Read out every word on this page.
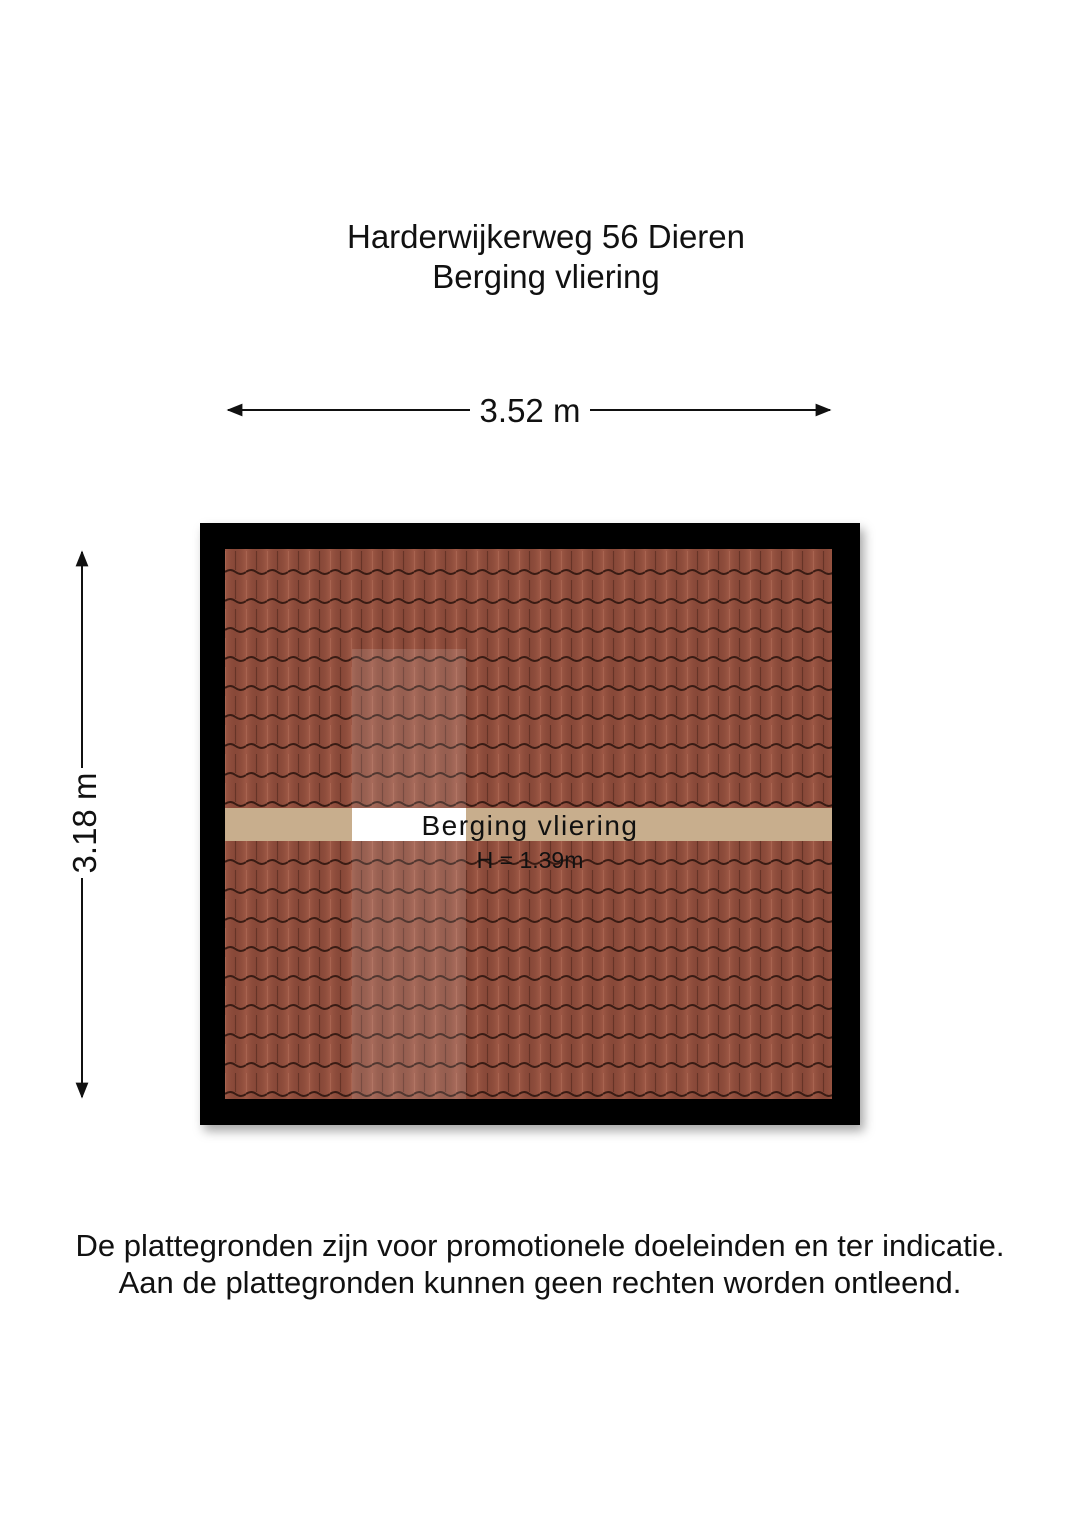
Harderwijkerweg 56 Dieren
Berging vliering
3.52 m
3.18 m	Berging vliering
H = 1.39m
De plattegronden zijn voor promotionele doeleinden en ter indicatie.
Aan de plattegronden kunnen geen rechten worden ontleend.
